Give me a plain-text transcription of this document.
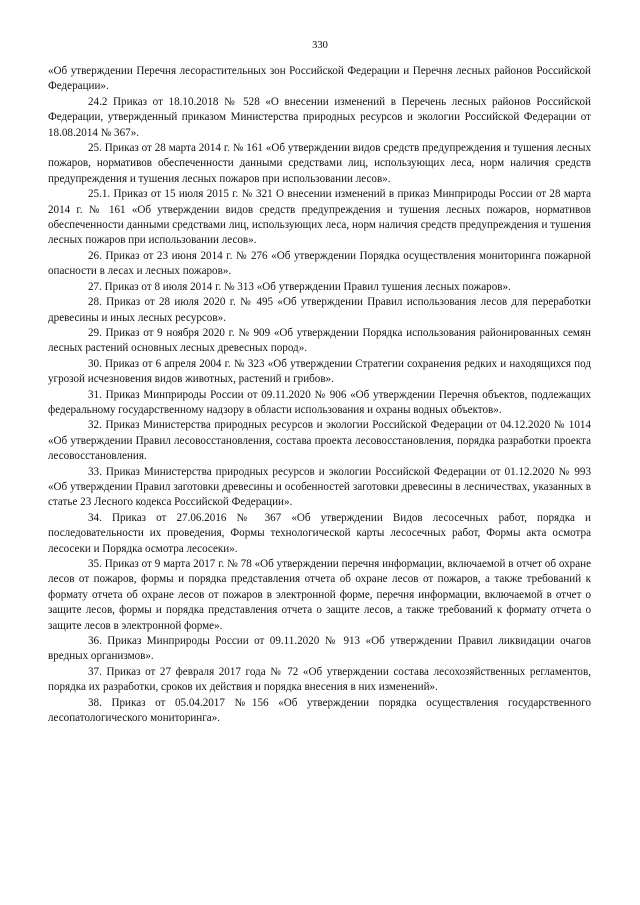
330

«Об утверждении Перечня лесорастительных зон Российской Федерации и Перечня лесных районов Российской Федерации».

24.2 Приказ от 18.10.2018 № 528 «О внесении изменений в Перечень лесных районов Российской Федерации, утвержденный приказом Министерства природных ресурсов и экологии Российской Федерации от 18.08.2014 № 367».

25. Приказ от 28 марта 2014 г. № 161 «Об утверждении видов средств предупреждения и тушения лесных пожаров, нормативов обеспеченности данными средствами лиц, использующих леса, норм наличия средств предупреждения и тушения лесных пожаров при использовании лесов».

25.1. Приказ от 15 июля 2015 г. № 321 О внесении изменений в приказ Минприроды России от 28 марта 2014 г. № 161 «Об утверждении видов средств предупреждения и тушения лесных пожаров, нормативов обеспеченности данными средствами лиц, использующих леса, норм наличия средств предупреждения и тушения лесных пожаров при использовании лесов».

26. Приказ от 23 июня 2014 г. № 276 «Об утверждении Порядка осуществления мониторинга пожарной опасности в лесах и лесных пожаров».

27. Приказ от 8 июля 2014 г. № 313 «Об утверждении Правил тушения лесных пожаров».

28. Приказ от 28 июля 2020 г. № 495 «Об утверждении Правил использования лесов для переработки древесины и иных лесных ресурсов».

29. Приказ от 9 ноября 2020 г. № 909 «Об утверждении Порядка использования районированных семян лесных растений основных лесных древесных пород».

30. Приказ от 6 апреля 2004 г. № 323 «Об утверждении Стратегии сохранения редких и находящихся под угрозой исчезновения видов животных, растений и грибов».

31. Приказ Минприроды России от 09.11.2020 № 906 «Об утверждении Перечня объектов, подлежащих федеральному государственному надзору в области использования и охраны водных объектов».

32. Приказ Министерства природных ресурсов и экологии Российской Федерации от 04.12.2020 № 1014 «Об утверждении Правил лесовосстановления, состава проекта лесовосстановления, порядка разработки проекта лесовосстановления.

33. Приказ Министерства природных ресурсов и экологии Российской Федерации от 01.12.2020 № 993 «Об утверждении Правил заготовки древесины и особенностей заготовки древесины в лесничествах, указанных в статье 23 Лесного кодекса Российской Федерации».

34. Приказ от 27.06.2016 № 367 «Об утверждении Видов лесосечных работ, порядка и последовательности их проведения, Формы технологической карты лесосечных работ, Формы акта осмотра лесосеки и Порядка осмотра лесосеки».

35. Приказ от 9 марта 2017 г. № 78 «Об утверждении перечня информации, включаемой в отчет об охране лесов от пожаров, формы и порядка представления отчета об охране лесов от пожаров, а также требований к формату отчета об охране лесов от пожаров в электронной форме, перечня информации, включаемой в отчет о защите лесов, формы и порядка представления отчета о защите лесов, а также требований к формату отчета о защите лесов в электронной форме».

36. Приказ Минприроды России от 09.11.2020 № 913 «Об утверждении Правил ликвидации очагов вредных организмов».

37. Приказ от 27 февраля 2017 года № 72 «Об утверждении состава лесохозяйственных регламентов, порядка их разработки, сроков их действия и порядка внесения в них изменений».

38. Приказ от 05.04.2017 №156 «Об утверждении порядка осуществления государственного лесопатологического мониторинга».
